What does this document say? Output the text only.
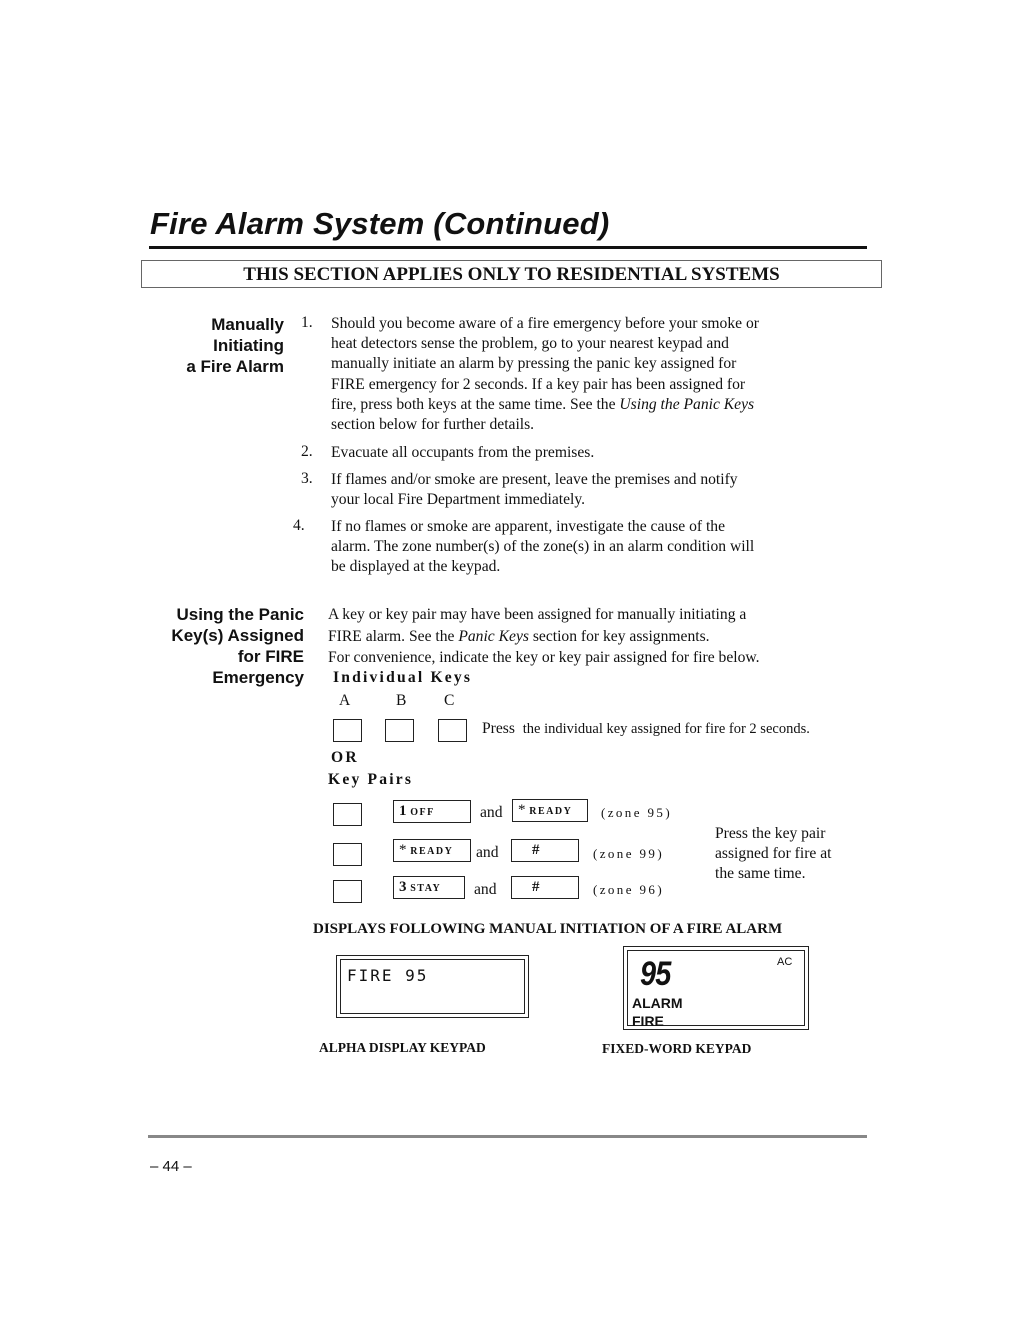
Fire Alarm System (Continued)
THIS SECTION APPLIES ONLY TO RESIDENTIAL SYSTEMS
Manually
Initiating
a Fire Alarm
1. Should you become aware of a fire emergency before your smoke or
heat detectors sense the problem, go to your nearest keypad and
manually initiate an alarm by pressing the panic key assigned for
FIRE emergency for 2 seconds. If a key pair has been assigned for
fire, press both keys at the same time. See the Using the Panic Keys
section below for further details.
2. Evacuate all occupants from the premises.
3. If flames and/or smoke are present, leave the premises and notify
your local Fire Department immediately.
4. If no flames or smoke are apparent, investigate the cause of the
alarm. The zone number(s) of the zone(s) in an alarm condition will
be displayed at the keypad.
Using the Panic
Key(s) Assigned
for FIRE
Emergency
A key or key pair may have been assigned for manually initiating a
FIRE alarm. See the Panic Keys section for key assignments.
For convenience, indicate the key or key pair assigned for fire below.
Individual Keys
A	B C
Press the individual key assigned for fire for 2 seconds.
OR
Key Pairs
1 OFF	and	* READY	(zone 95)
* READY	and	#	(zone 99)
3 STAY	and	#	(zone 96)
Press the key pair
assigned for fire at
the same time.
DISPLAYS FOLLOWING MANUAL INITIATION OF A FIRE ALARM
FIRE 95
ALPHA DISPLAY KEYPAD
95	AC
ALARM
FIRE
FIXED-WORD KEYPAD
– 44 –
